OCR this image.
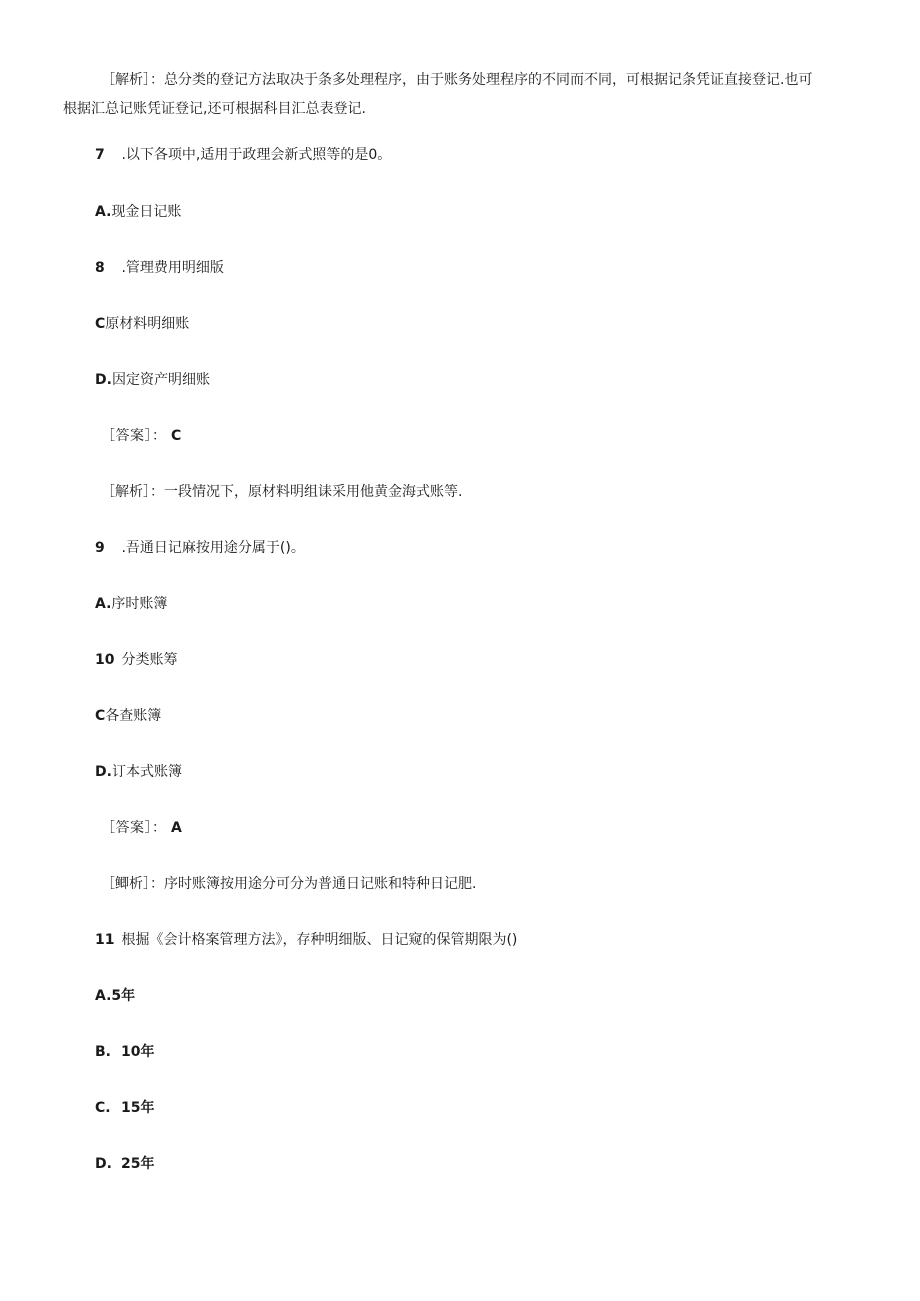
［解析］：总分类的登记方法取决于条多处理程序，由于账务处理程序的不同而不同，可根据记条凭证直接登记.也可
根据汇总记账凭证登记,还可根据科目汇总表登记.
7 .以下各项中,适用于政理会新式照等的是0。
A.现金日记账
8 .管理费用明细版
C原材料明细账
D.因定资产明细账
［答案］： C
［解析］：一段情况下，原材料明组诔采用他黄金海式账等.
9 .吾通日记麻按用途分属于()。
A.序时账簿
10 分类账筹
C各查账簿
D.订本式账簿
［答案］： A
［鲫析］：序时账簿按用途分可分为普通日记账和特种日记肥.
11 根掘《会计格案管理方法》，存种明细版、日记窥的保管期限为()
A.5年
B. 10年
C. 15年
D. 25年
